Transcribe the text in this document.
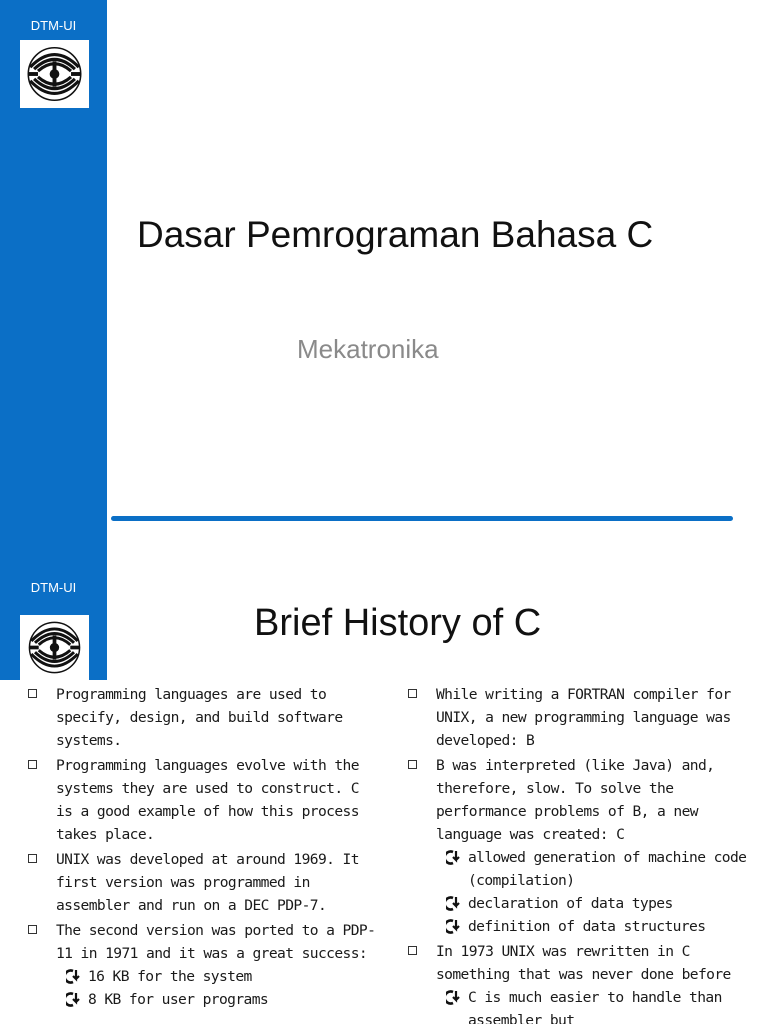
DTM-UI
Dasar Pemrograman Bahasa C
Mekatronika
DTM-UI
Brief History of C
Programming languages are used to specify, design, and build software systems.
Programming languages evolve with the systems they are used to construct. C is a good example of how this process takes place.
UNIX was developed at around 1969. It first version was programmed in assembler and run on a DEC PDP-7.
The second version was ported to a PDP-11 in 1971 and it was a great success:
16 KB for the system
8 KB for user programs
While writing a FORTRAN compiler for UNIX, a new programming language was developed: B
B was interpreted (like Java) and, therefore, slow. To solve the performance problems of B, a new language was created: C
allowed generation of machine code (compilation)
declaration of data types
definition of data structures
In 1973 UNIX was rewritten in C something that was never done before
C is much easier to handle than assembler but
